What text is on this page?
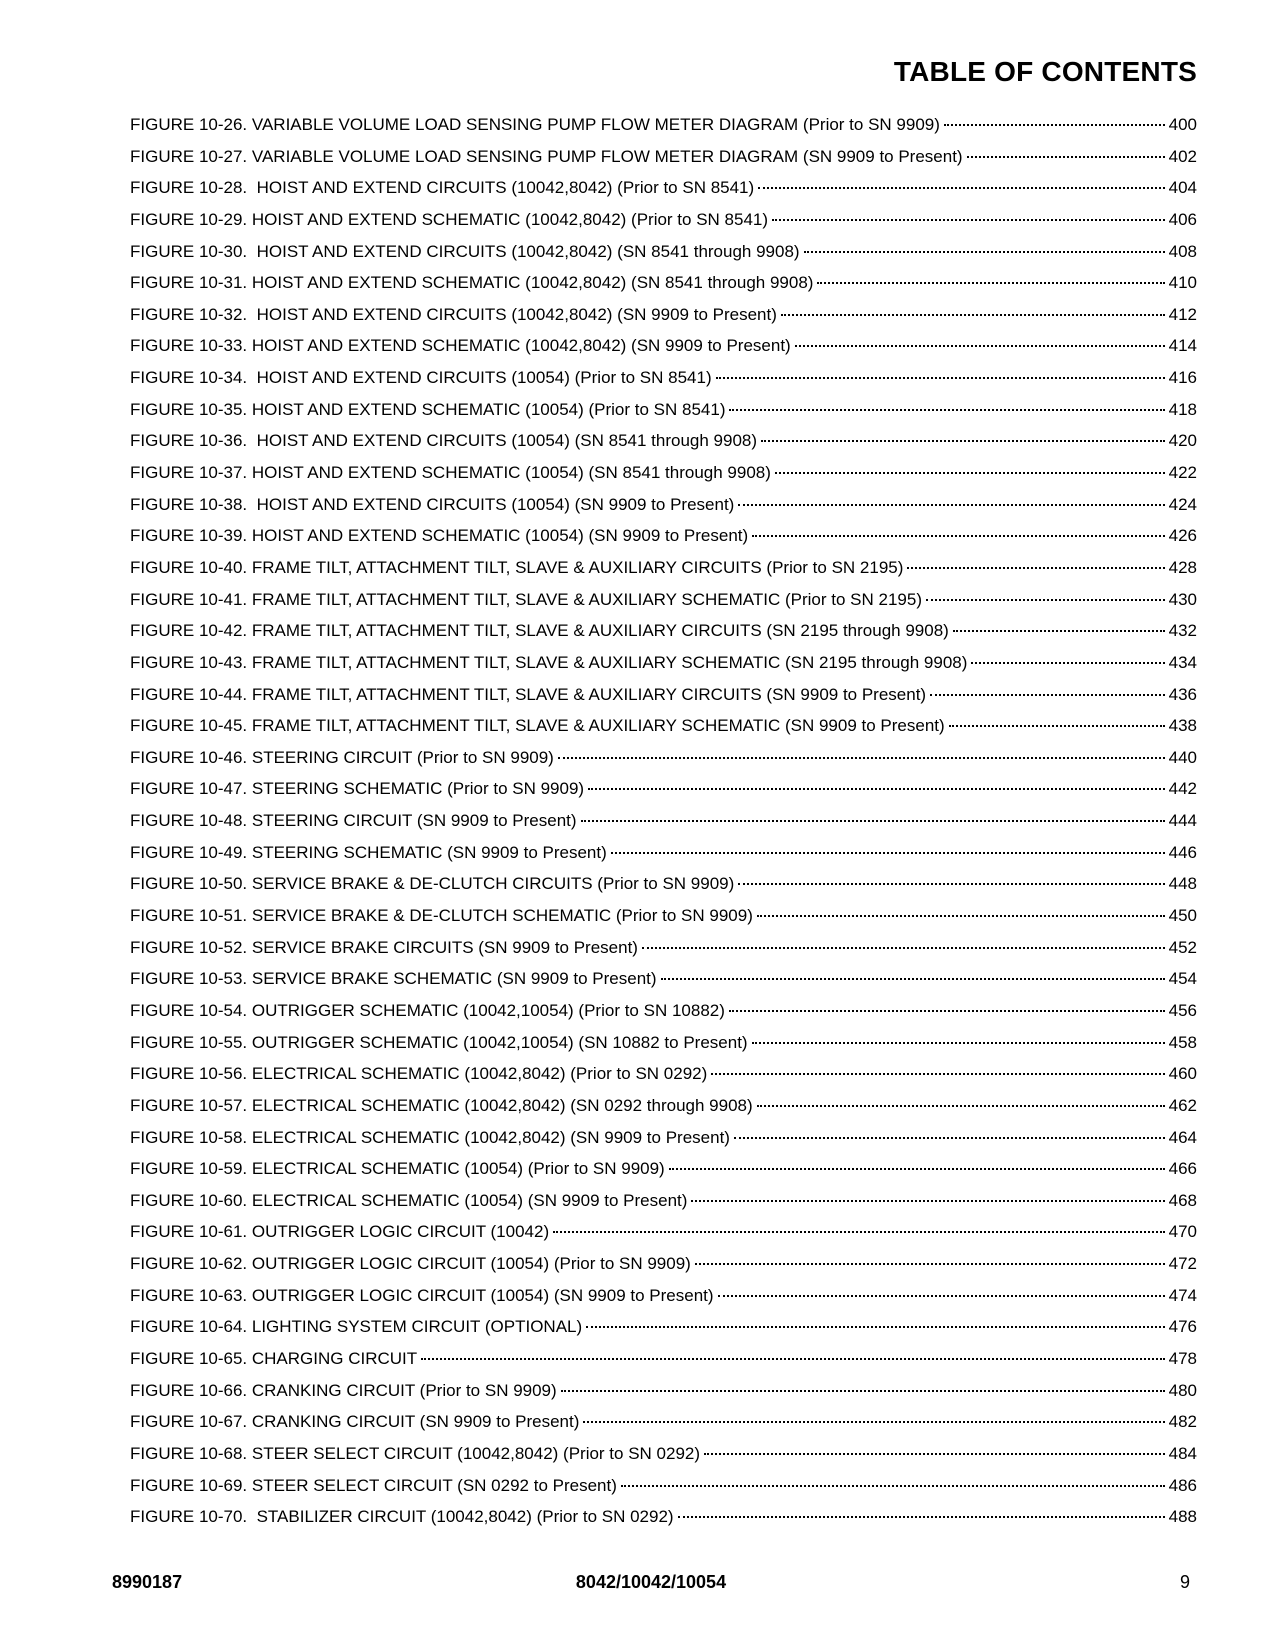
TABLE OF CONTENTS
FIGURE 10-26. VARIABLE VOLUME LOAD SENSING PUMP FLOW METER DIAGRAM (Prior to SN 9909)	400
FIGURE 10-27. VARIABLE VOLUME LOAD SENSING PUMP FLOW METER DIAGRAM (SN 9909 to Present)	402
FIGURE 10-28.  HOIST AND EXTEND CIRCUITS (10042,8042) (Prior to SN 8541)	404
FIGURE 10-29. HOIST AND EXTEND SCHEMATIC (10042,8042) (Prior to SN 8541)	406
FIGURE 10-30.  HOIST AND EXTEND CIRCUITS (10042,8042) (SN 8541 through 9908)	408
FIGURE 10-31. HOIST AND EXTEND SCHEMATIC (10042,8042) (SN 8541 through 9908)	410
FIGURE 10-32.  HOIST AND EXTEND CIRCUITS (10042,8042) (SN 9909 to Present)	412
FIGURE 10-33. HOIST AND EXTEND SCHEMATIC (10042,8042) (SN 9909 to Present)	414
FIGURE 10-34.  HOIST AND EXTEND CIRCUITS (10054) (Prior to SN 8541)	416
FIGURE 10-35. HOIST AND EXTEND SCHEMATIC (10054) (Prior to SN 8541)	418
FIGURE 10-36.  HOIST AND EXTEND CIRCUITS (10054) (SN 8541 through 9908)	420
FIGURE 10-37. HOIST AND EXTEND SCHEMATIC (10054) (SN 8541 through 9908)	422
FIGURE 10-38.  HOIST AND EXTEND CIRCUITS (10054) (SN 9909 to Present)	424
FIGURE 10-39. HOIST AND EXTEND SCHEMATIC (10054) (SN 9909 to Present)	426
FIGURE 10-40. FRAME TILT, ATTACHMENT TILT, SLAVE & AUXILIARY CIRCUITS (Prior to SN 2195)	428
FIGURE 10-41. FRAME TILT, ATTACHMENT TILT, SLAVE & AUXILIARY SCHEMATIC (Prior to SN 2195)	430
FIGURE 10-42. FRAME TILT, ATTACHMENT TILT, SLAVE & AUXILIARY CIRCUITS (SN 2195 through 9908)	432
FIGURE 10-43. FRAME TILT, ATTACHMENT TILT, SLAVE & AUXILIARY SCHEMATIC (SN 2195 through 9908)	434
FIGURE 10-44. FRAME TILT, ATTACHMENT TILT, SLAVE & AUXILIARY CIRCUITS (SN 9909 to Present)	436
FIGURE 10-45. FRAME TILT, ATTACHMENT TILT, SLAVE & AUXILIARY SCHEMATIC (SN 9909 to Present)	438
FIGURE 10-46. STEERING CIRCUIT (Prior to SN 9909)	440
FIGURE 10-47. STEERING SCHEMATIC (Prior to SN 9909)	442
FIGURE 10-48. STEERING CIRCUIT (SN 9909 to Present)	444
FIGURE 10-49. STEERING SCHEMATIC (SN 9909 to Present)	446
FIGURE 10-50. SERVICE BRAKE & DE-CLUTCH CIRCUITS (Prior to SN 9909)	448
FIGURE 10-51. SERVICE BRAKE & DE-CLUTCH SCHEMATIC (Prior to SN 9909)	450
FIGURE 10-52. SERVICE BRAKE CIRCUITS (SN 9909 to Present)	452
FIGURE 10-53. SERVICE BRAKE SCHEMATIC (SN 9909 to Present)	454
FIGURE 10-54. OUTRIGGER SCHEMATIC (10042,10054) (Prior to SN 10882)	456
FIGURE 10-55. OUTRIGGER SCHEMATIC (10042,10054) (SN 10882 to Present)	458
FIGURE 10-56. ELECTRICAL SCHEMATIC (10042,8042) (Prior to SN 0292)	460
FIGURE 10-57. ELECTRICAL SCHEMATIC (10042,8042) (SN 0292 through 9908)	462
FIGURE 10-58. ELECTRICAL SCHEMATIC (10042,8042) (SN 9909 to Present)	464
FIGURE 10-59. ELECTRICAL SCHEMATIC (10054) (Prior to SN 9909)	466
FIGURE 10-60. ELECTRICAL SCHEMATIC (10054) (SN 9909 to Present)	468
FIGURE 10-61. OUTRIGGER LOGIC CIRCUIT (10042)	470
FIGURE 10-62. OUTRIGGER LOGIC CIRCUIT (10054) (Prior to SN 9909)	472
FIGURE 10-63. OUTRIGGER LOGIC CIRCUIT (10054) (SN 9909 to Present)	474
FIGURE 10-64. LIGHTING SYSTEM CIRCUIT (OPTIONAL)	476
FIGURE 10-65. CHARGING CIRCUIT	478
FIGURE 10-66. CRANKING CIRCUIT (Prior to SN 9909)	480
FIGURE 10-67. CRANKING CIRCUIT (SN 9909 to Present)	482
FIGURE 10-68. STEER SELECT CIRCUIT (10042,8042) (Prior to SN 0292)	484
FIGURE 10-69. STEER SELECT CIRCUIT (SN 0292 to Present)	486
FIGURE 10-70.  STABILIZER CIRCUIT (10042,8042) (Prior to SN 0292)	488
8990187	8042/10042/10054	9
